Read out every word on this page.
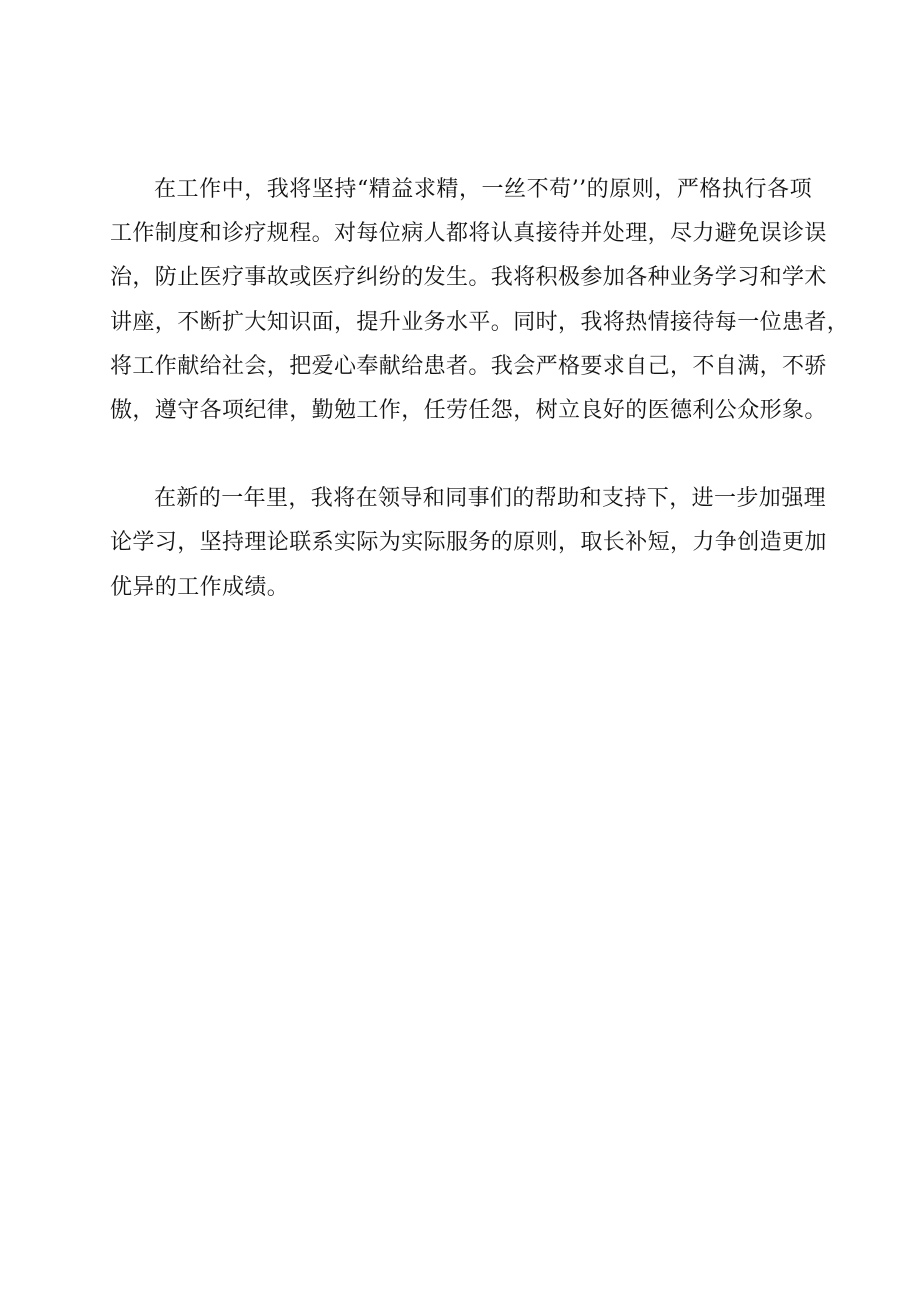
在工作中，我将坚持“精益求精，一丝不苟’’的原则，严格执行各项
工作制度和诊疗规程。对每位病人都将认真接待并处理，尽力避免误诊误
治，防止医疗事故或医疗纠纷的发生。我将积极参加各种业务学习和学术
讲座，不断扩大知识面，提升业务水平。同时，我将热情接待每一位患者，
将工作献给社会，把爱心奉献给患者。我会严格要求自己，不自满，不骄
傲，遵守各项纪律，勤勉工作，任劳任怨，树立良好的医德利公众形象。
在新的一年里，我将在领导和同事们的帮助和支持下，进一步加强理
论学习，坚持理论联系实际为实际服务的原则，取长补短，力争创造更加
优异的工作成绩。
